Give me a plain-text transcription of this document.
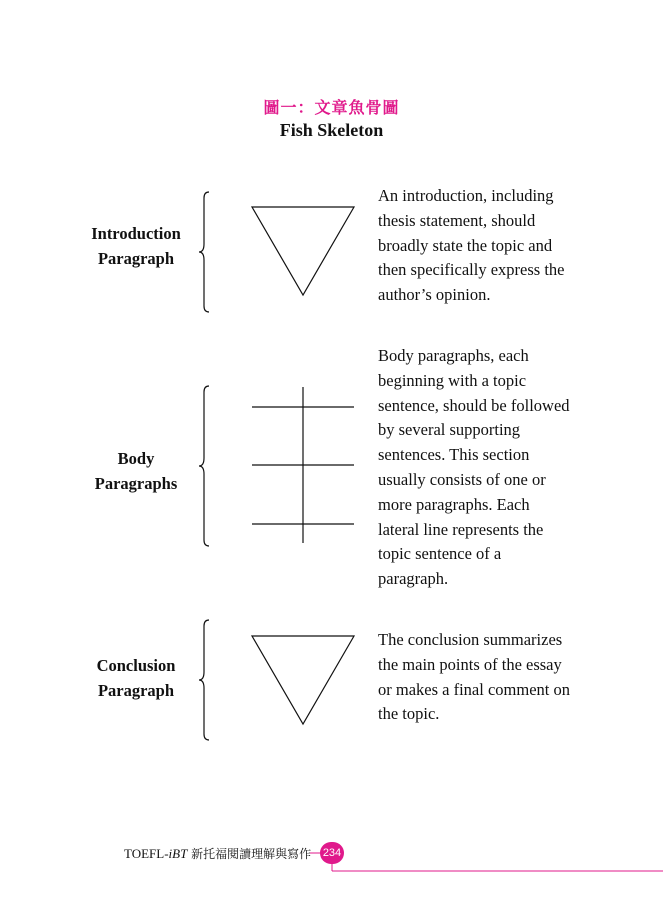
圖一：文章魚骨圖
Fish Skeleton
Introduction
Paragraph
An introduction, including
thesis statement, should
broadly state the topic and
then specifically express the
author’s opinion.
Body
Paragraphs
Body paragraphs, each
beginning with a topic
sentence, should be followed
by several supporting
sentences. This section
usually consists of one or
more paragraphs. Each
lateral line represents the
topic sentence of a
paragraph.
Conclusion
Paragraph
The conclusion summarizes
the main points of the essay
or makes a final comment on
the topic.
TOEFL-iBT 新托福閱讀理解與寫作 234
